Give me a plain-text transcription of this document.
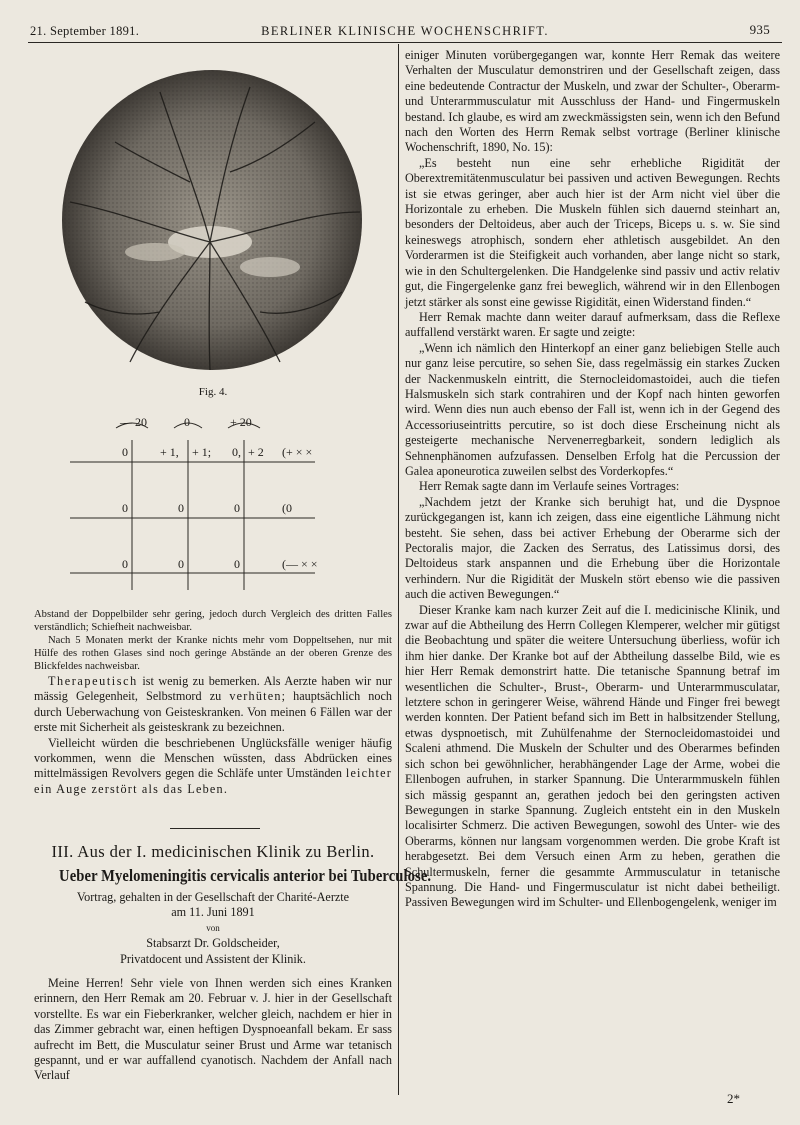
21. September 1891.	BERLINER KLINISCHE WOCHENSCHRIFT.	935
Fig. 4.
— 20	0	+ 20
0	+ 1, + 1; 0, + 2 (+ × ×
0	0	0	(0
0	0	0	(— × ×

Abstand der Doppelbilder sehr gering, jedoch durch Vergleich des dritten Falles verständlich; Schiefheit nachweisbar.

Nach 5 Monaten merkt der Kranke nichts mehr vom Doppeltsehen, nur mit Hülfe des rothen Glases sind noch geringe Abstände an der oberen Grenze des Blickfeldes nachweisbar.

Therapeutisch ist wenig zu bemerken. Als Aerzte haben wir nur mässig Gelegenheit, Selbstmord zu verhüten; hauptsächlich noch durch Ueberwachung von Geisteskranken. Von meinen 6 Fällen war der erste mit Sicherheit als geisteskrank zu bezeichnen.

Vielleicht würden die beschriebenen Unglücksfälle weniger häufig vorkommen, wenn die Menschen wüssten, dass Abdrücken eines mittelmässigen Revolvers gegen die Schläfe unter Umständen leichter ein Auge zerstört als das Leben.

III. Aus der I. medicinischen Klinik zu Berlin.
Ueber Myelomeningitis cervicalis anterior bei Tuberculose.

Vortrag, gehalten in der Gesellschaft der Charité-Aerzte

am 11. Juni 1891

von

Stabsarzt Dr. Goldscheider,

Privatdocent und Assistent der Klinik.

Meine Herren! Sehr viele von Ihnen werden sich eines Kranken erinnern, den Herr Remak am 20. Februar v. J. hier in der Gesellschaft vorstellte. Es war ein Fieberkranker, welcher gleich, nachdem er hier in das Zimmer gebracht war, einen heftigen Dyspnoeanfall bekam. Er sass aufrecht im Bett, die Musculatur seiner Brust und Arme war tetanisch gespannt, und er war auffallend cyanotisch. Nachdem der Anfall nach Verlauf

einiger Minuten vorübergegangen war, konnte Herr Remak das weitere Verhalten der Musculatur demonstriren und der Gesellschaft zeigen, dass eine bedeutende Contractur der Muskeln, und zwar der Schulter-, Oberarm- und Unterarmmusculatur mit Ausschluss der Hand- und Fingermuskeln bestand. Ich glaube, es wird am zweckmässigsten sein, wenn ich den Befund nach den Worten des Herrn Remak selbst vortrage (Berliner klinische Wochenschrift, 1890, No. 15):

„Es besteht nun eine sehr erhebliche Rigidität der Oberextremitätenmusculatur bei passiven und activen Bewegungen. Rechts ist sie etwas geringer, aber auch hier ist der Arm nicht viel über die Horizontale zu erheben. Die Muskeln fühlen sich dauernd steinhart an, besonders der Deltoideus, aber auch der Triceps, Biceps u. s. w. Sie sind keineswegs atrophisch, sondern eher athletisch ausgebildet. An den Vorderarmen ist die Steifigkeit auch vorhanden, aber lange nicht so stark, wie in den Schultergelenken. Die Handgelenke sind passiv und activ relativ gut, die Fingergelenke ganz frei beweglich, während wir in den Ellenbogen jetzt stärker als sonst eine gewisse Rigidität, einen Widerstand finden.“

Herr Remak machte dann weiter darauf aufmerksam, dass die Reflexe auffallend verstärkt waren. Er sagte und zeigte:

„Wenn ich nämlich den Hinterkopf an einer ganz beliebigen Stelle auch nur ganz leise percutire, so sehen Sie, dass regelmässig ein starkes Zucken der Nackenmuskeln eintritt, die Sternocleidomastoidei, auch die tiefen Halsmuskeln sich stark contrahiren und der Kopf nach hinten geworfen wird. Wenn dies nun auch ebenso der Fall ist, wenn ich in der Gegend des Accessoriuseintritts percutire, so ist doch diese Erscheinung nicht als gesteigerte mechanische Nervenerregbarkeit, sondern lediglich als Sehnenphänomen aufzufassen. Denselben Erfolg hat die Percussion der Galea aponeurotica zuweilen selbst des Vorderkopfes.“

Herr Remak sagte dann im Verlaufe seines Vortrages:

„Nachdem jetzt der Kranke sich beruhigt hat, und die Dyspnoe zurückgegangen ist, kann ich zeigen, dass eine eigentliche Lähmung nicht besteht. Sie sehen, dass bei activer Erhebung der Oberarme sich der Pectoralis major, die Zacken des Serratus, des Latissimus dorsi, des Deltoideus stark anspannen und die Erhebung über die Horizontale verhindern. Nur die Rigidität der Muskeln stört ebenso wie die passiven auch die activen Bewegungen.“

Dieser Kranke kam nach kurzer Zeit auf die I. medicinische Klinik, und zwar auf die Abtheilung des Herrn Collegen Klemperer, welcher mir gütigst die Beobachtung und später die weitere Untersuchung überliess, wofür ich ihm hier danke. Der Kranke bot auf der Abtheilung dasselbe Bild, wie es hier Herr Remak demonstrirt hatte. Die tetanische Spannung betraf im wesentlichen die Schulter-, Brust-, Oberarm- und Unterarmmusculatar, letztere schon in geringerer Weise, während Hände und Finger frei bewegt werden konnten. Der Patient befand sich im Bett in halbsitzender Stellung, etwas dyspnoetisch, mit Zuhülfenahme der Sternocleidomastoidei und Scaleni athmend. Die Muskeln der Schulter und des Oberarmes befinden sich schon bei gewöhnlicher, herabhängender Lage der Arme, wobei die Ellenbogen aufruhen, in starker Spannung. Die Unterarmmuskeln fühlen sich mässig gespannt an, gerathen jedoch bei den geringsten activen Bewegungen in starke Spannung. Zugleich entsteht ein in den Muskeln localisirter Schmerz. Die activen Bewegungen, sowohl des Unter- wie des Oberarms, können nur langsam vorgenommen werden. Die grobe Kraft ist herabgesetzt. Bei dem Versuch einen Arm zu heben, gerathen die Schultermuskeln, ferner die gesammte Armmusculatur in tetanische Spannung. Die Hand- und Fingermusculatur ist nicht dabei betheiligt. Passiven Bewegungen wird im Schulter- und Ellenbogengelenk, weniger im

2*
